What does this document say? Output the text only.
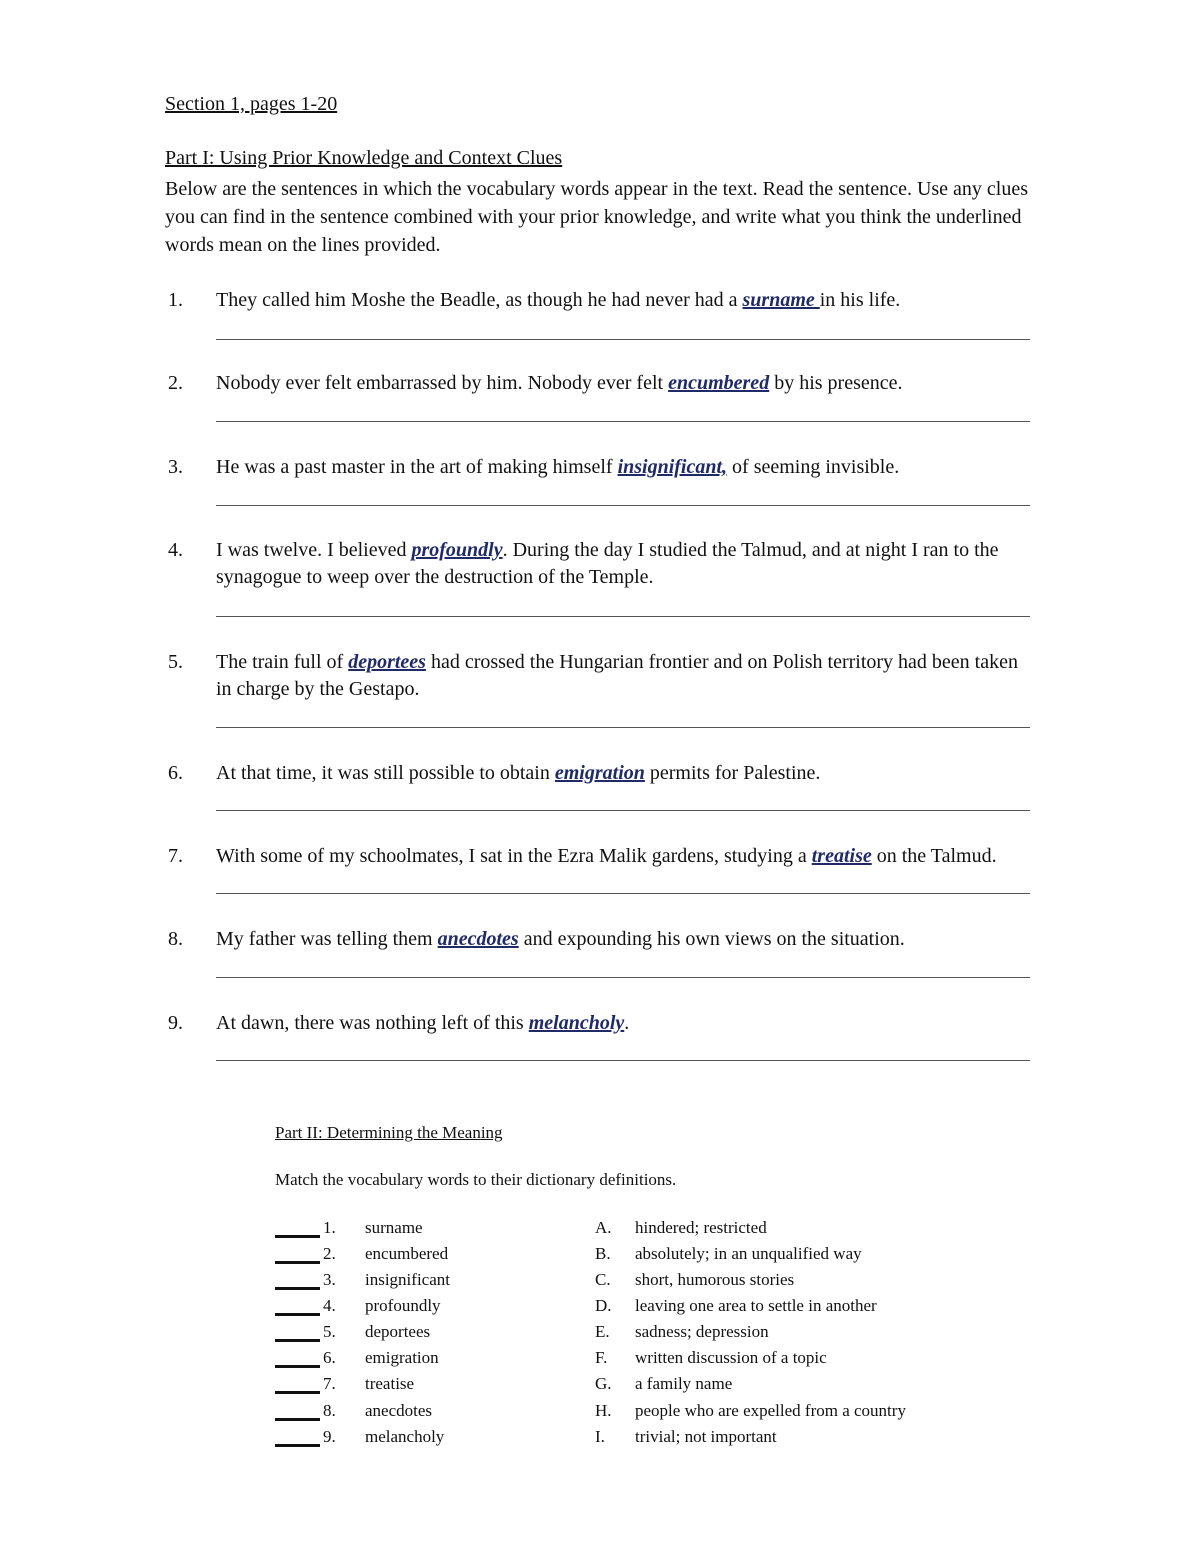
Section 1, pages 1-20
Part I: Using Prior Knowledge and Context Clues
Below are the sentences in which the vocabulary words appear in the text. Read the sentence. Use any clues you can find in the sentence combined with your prior knowledge, and write what you think the underlined words mean on the lines provided.
1.	They called him Moshe the Beadle, as though he had never had a surname in his life.
2.	Nobody ever felt embarrassed by him. Nobody ever felt encumbered by his presence.
3.	He was a past master in the art of making himself insignificant, of seeming invisible.
4.	I was twelve. I believed profoundly. During the day I studied the Talmud, and at night I ran to the synagogue to weep over the destruction of the Temple.
5.	The train full of deportees had crossed the Hungarian frontier and on Polish territory had been taken in charge by the Gestapo.
6.	At that time, it was still possible to obtain emigration permits for Palestine.
7.	With some of my schoolmates, I sat in the Ezra Malik gardens, studying a treatise on the Talmud.
8.	My father was telling them anecdotes and expounding his own views on the situation.
9.	At dawn, there was nothing left of this melancholy.
Part II: Determining the Meaning
Match the vocabulary words to their dictionary definitions.
1. surname	A. hindered; restricted
2. encumbered	B. absolutely; in an unqualified way
3. insignificant	C. short, humorous stories
4. profoundly	D. leaving one area to settle in another
5. deportees	E. sadness; depression
6. emigration	F. written discussion of a topic
7. treatise	G. a family name
8. anecdotes	H. people who are expelled from a country
9. melancholy	I. trivial; not important
